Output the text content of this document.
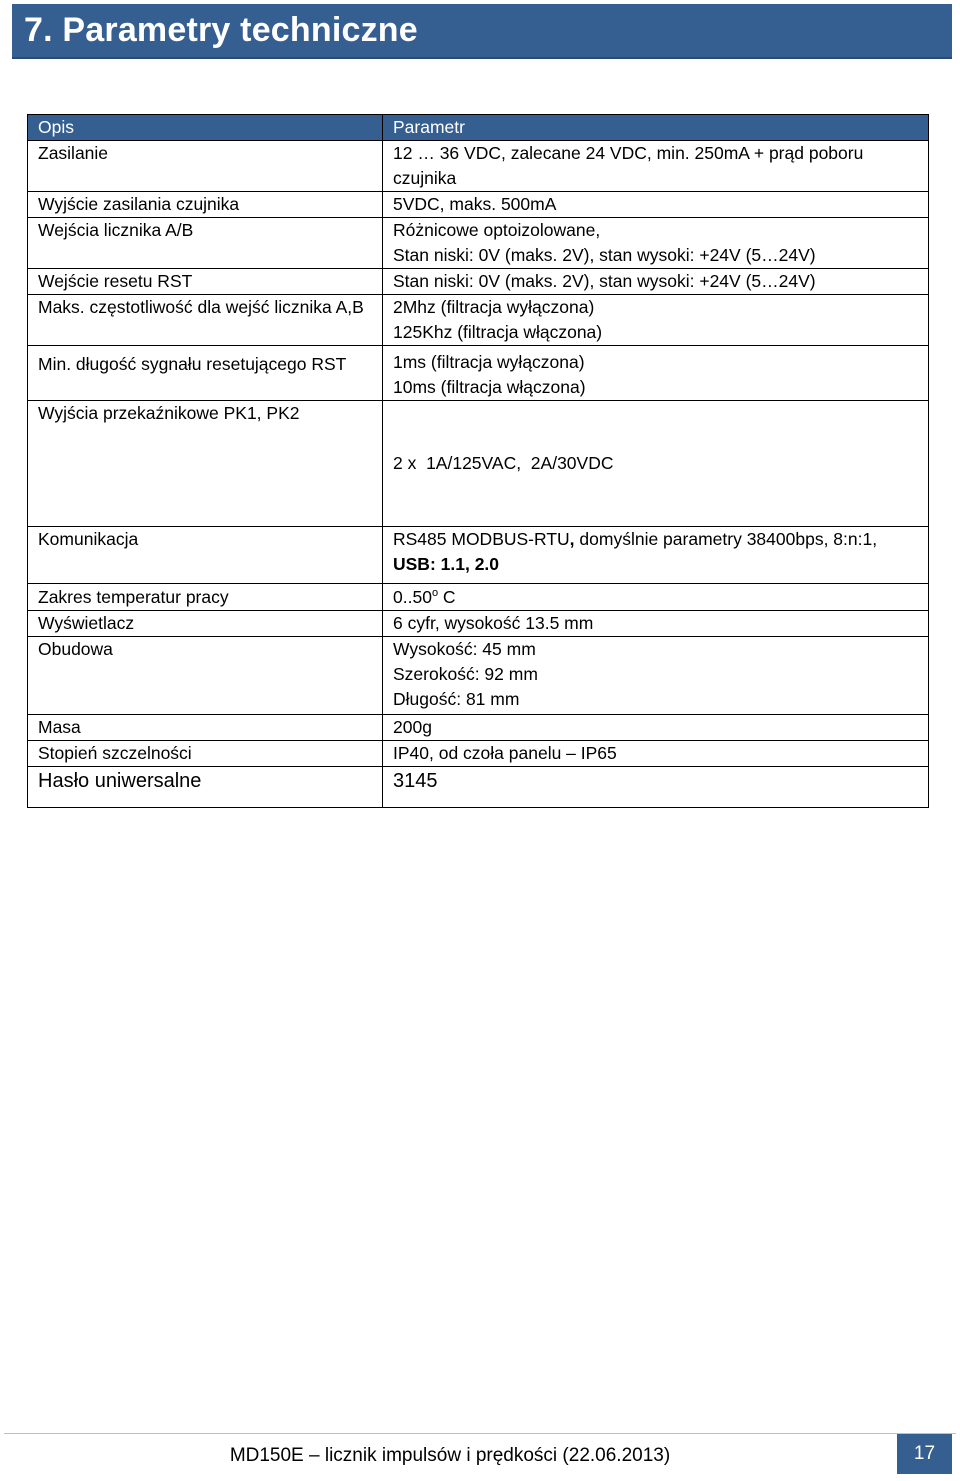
7. Parametry techniczne
Opis	Parametr
Zasilanie	12 … 36 VDC, zalecane 24 VDC, min. 250mA + prąd poboru
czujnika

Wyjście zasilania czujnika	5VDC, maks. 500mA

Wejścia licznika A/B	Różnicowe optoizolowane,
Stan niski: 0V (maks. 2V), stan wysoki: +24V (5…24V)

Wejście resetu RST	Stan niski: 0V (maks. 2V), stan wysoki: +24V (5…24V)

Maks. częstotliwość dla wejść licznika A,B	2Mhz (filtracja wyłączona)
125Khz (filtracja włączona)

Min. długość sygnału resetującego RST	1ms (filtracja wyłączona)
10ms (filtracja włączona)

Wyjścia przekaźnikowe PK1, PK2	2 x  1A/125VAC,  2A/30VDC

Komunikacja	RS485 MODBUS-RTU, domyślnie parametry 38400bps, 8:n:1,
USB: 1.1, 2.0

Zakres temperatur pracy	0..50$^o$ C

Wyświetlacz	6 cyfr, wysokość 13.5 mm

Obudowa	Wysokość: 45 mm
Szerokość: 92 mm
Długość: 81 mm

Masa	200g

Stopień szczelności	IP40, od czoła panelu – IP65

Hasło uniwersalne	3145
MD150E – licznik impulsów i prędkości (22.06.2013)	17
